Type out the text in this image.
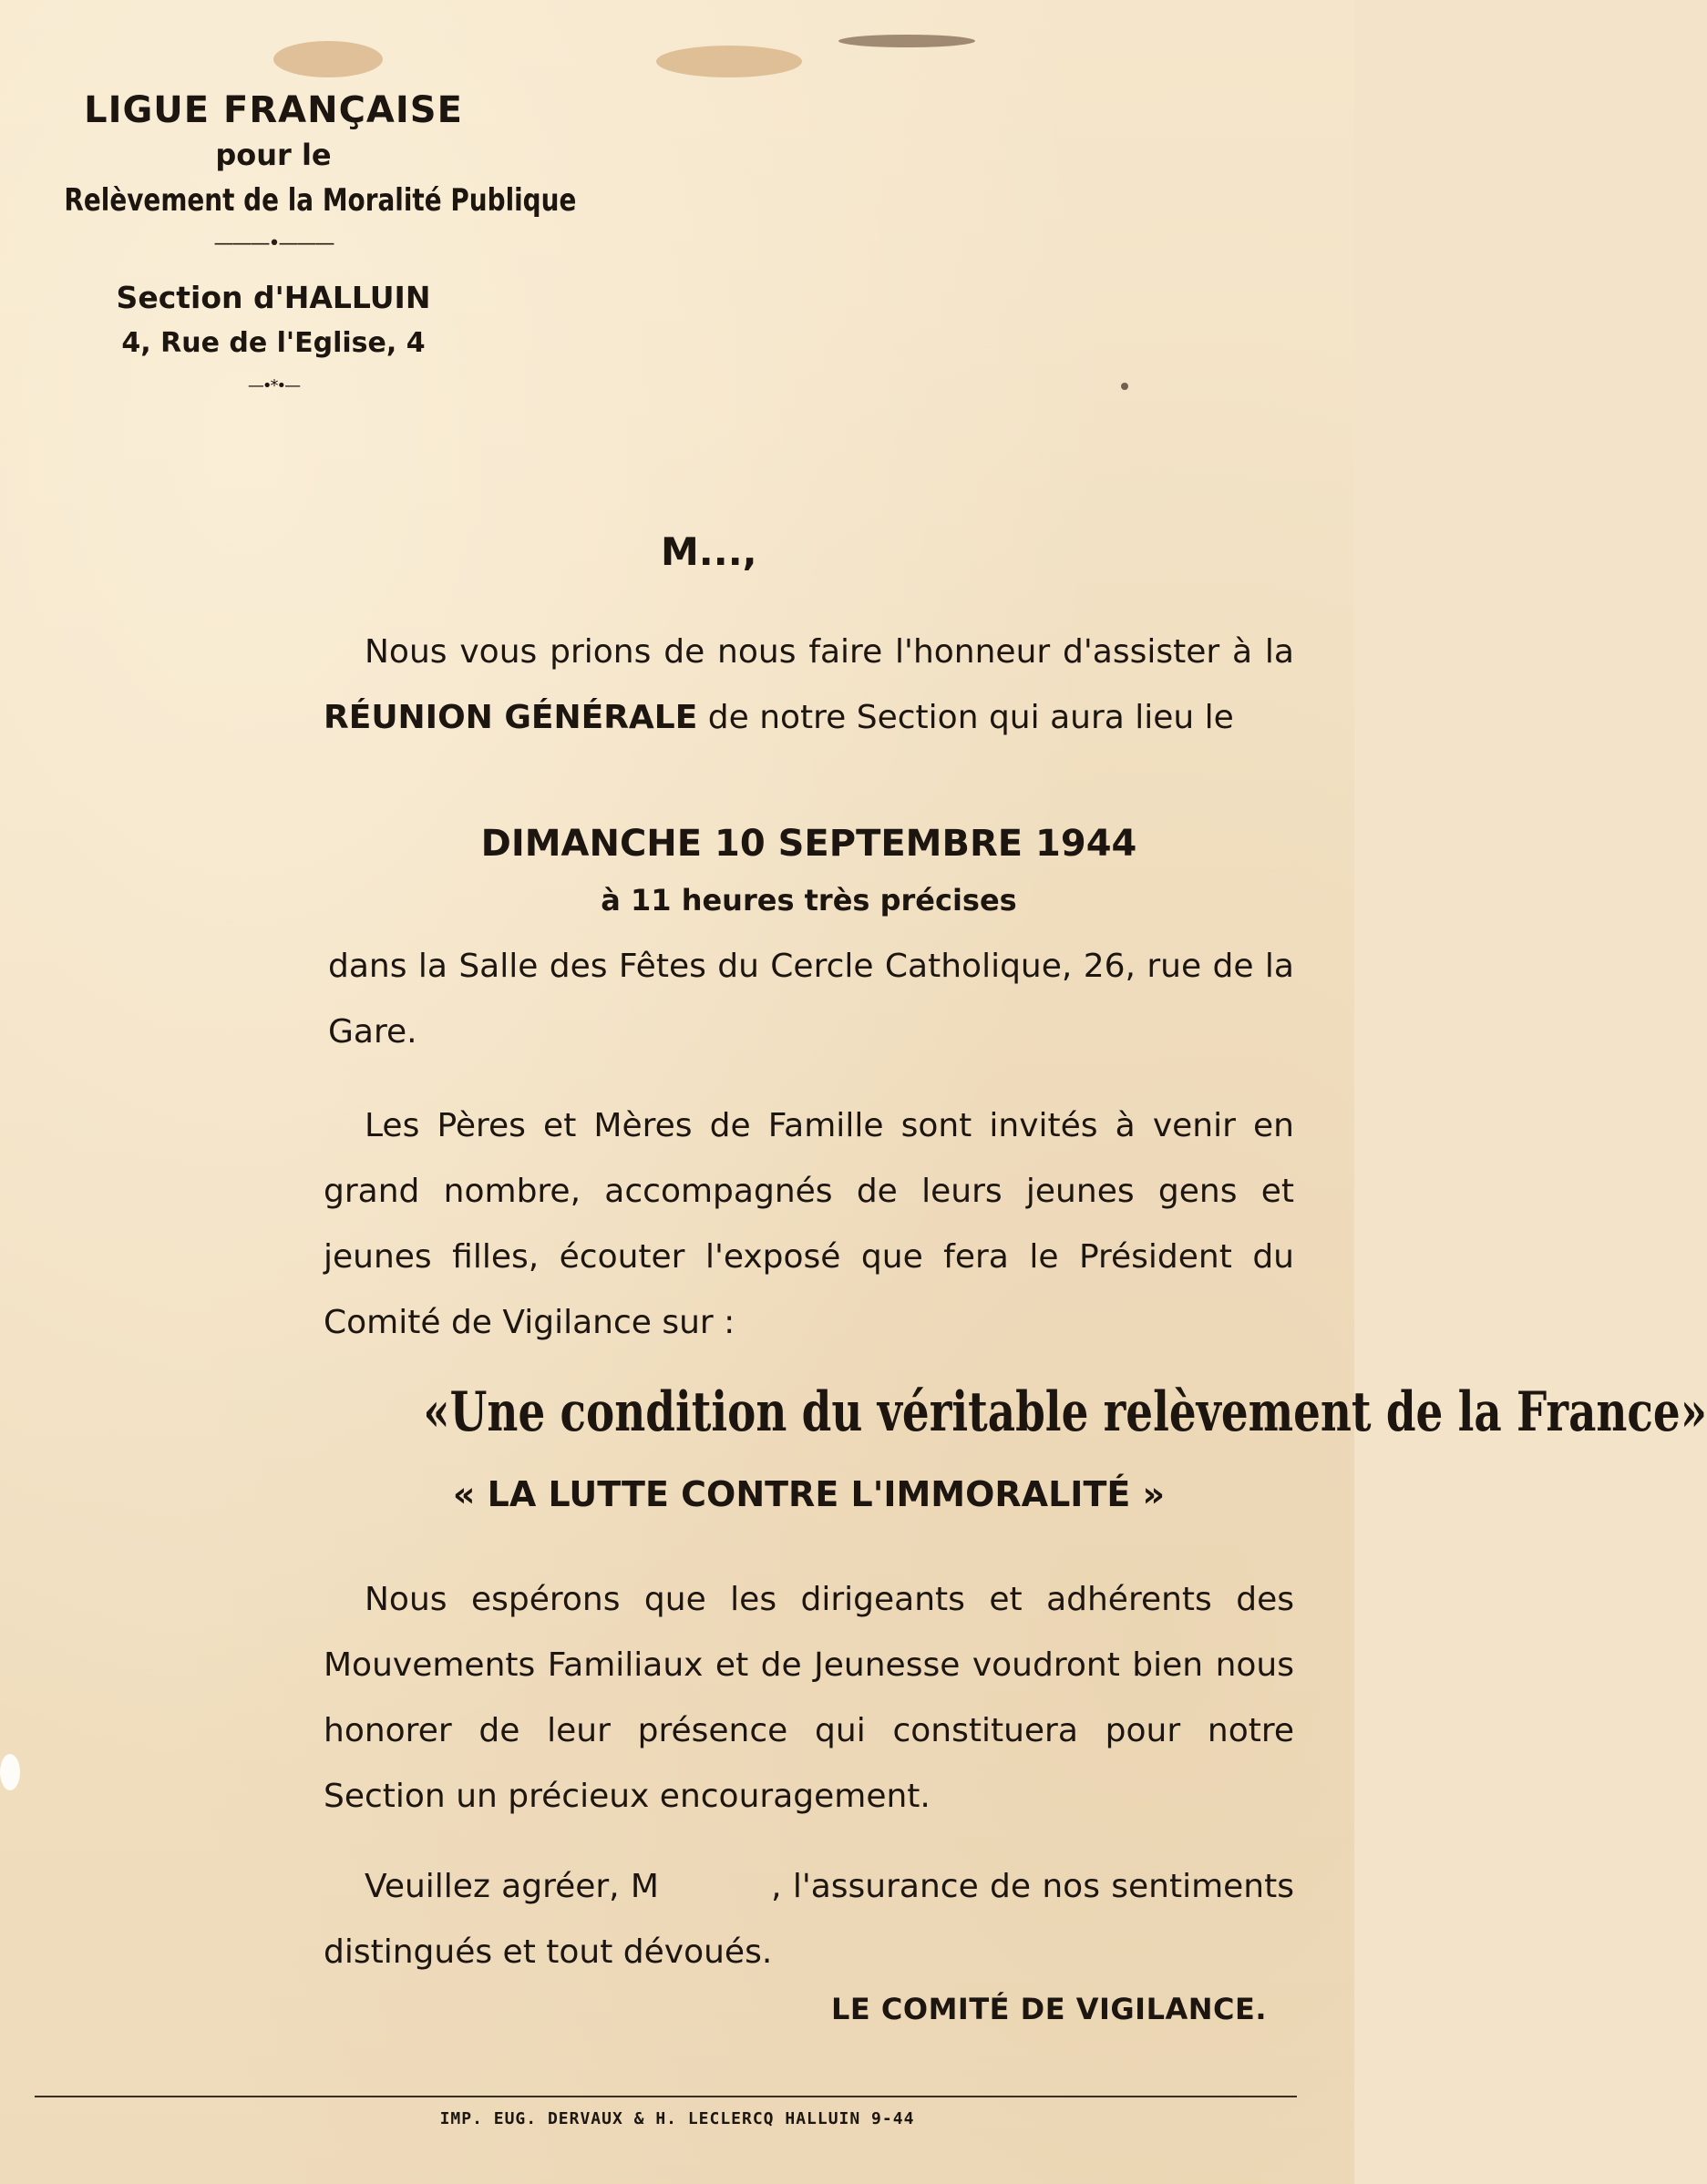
LIGUE FRANÇAISE

pour le

Relèvement de la Moralité Publique

———•———

Section d'HALLUIN

4, Rue de l'Eglise, 4

—•*•—

M...,

Nous vous prions de nous faire l'honneur d'assister à la RÉUNION GÉNÉRALE de notre Section qui aura lieu le

DIMANCHE 10 SEPTEMBRE 1944

à 11 heures très précises

dans la Salle des Fêtes du Cercle Catholique, 26, rue de la Gare.

Les Pères et Mères de Famille sont invités à venir en grand nombre, accompagnés de leurs jeunes gens et jeunes filles, écouter l'exposé que fera le Président du Comité de Vigilance sur :

«Une condition du véritable relèvement de la France»

« LA LUTTE CONTRE L'IMMORALITÉ »

Nous espérons que les dirigeants et adhérents des Mouvements Familiaux et de Jeunesse voudront bien nous honorer de leur présence qui constituera pour notre Section un précieux encouragement.

Veuillez agréer, M          , l'assurance de nos sentiments distingués et tout dévoués.

LE COMITÉ DE VIGILANCE.

IMP. EUG. DERVAUX & H. LECLERCQ HALLUIN 9-44
